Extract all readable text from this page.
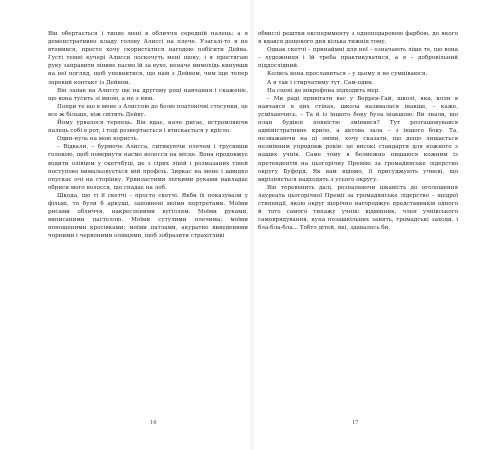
Він обертається і тицяє мені в обличчя середній палець; а я демонстративно кладу голову Алиссі на плече. Узагалі-то я не втомився, просто хочу скористатися нагодою побісити Дейва. Густі темні кучері Алисси лоскочуть мені щоку, і я простягаю руку заправити ліниве пасмо їй за вухо, неначе мимохідь кинувши на неї погляд, щоб упевнитися, що нам з Дейвом, чим іще тепер зоровий контакт із Дейвом.

Він запав на Алиссу ще на другому році навчання і скаженіє, що вона тусить зі мною, а не з ним.

Попри те що в мене з Алиссою до болю платонічні стосунки, це все ж більше, ніж світить Дейву.

Йому урвалося терпець. Він вдає, наче ригає, встромляючи палець собі в рот, і тоді розвертається і втискається у крісло.

Один-нуль на мою користь.

– Відвали, – бурмоче Алисса, ситикуючи плечем і трусивши головою, щоб повернути пасмо волосся на місце. Вона продовжує водити олівцем у скетчбуці, де з сірих ліній і розмазаних тіней поступово вимальовується мій профіль. Зиркас на мене і швидко опускає очі на сторінку. Урвиластими легкими руками накладає обриси мого волосся, що спадає на лоб.

Шкода, що ті її скетчі – просто скетчі. Якби їх показували у фільмі, то були б аркуші, заповнені моїми портретами. Моїми рисами обличчя, накресленими вугіллям. Моїми руками, виписаними пастеллю. Моїми сутулими плечима; моїми поношеними кросівками; моїми патлами, акуратно виведеними чорними і червоними олівцями, щоб зобразити страхітливі

обвислі рештки експерименту з одноподаровою фарбою, до якого я вдався дощового дня кілька тижнів тому.

Однак скетчі – принаймні для неї – означають ліше те, що вона – художниця і їй треба практикуватися, а я – добровільний піддослідний.

Колись вона прославиться – у цьому я не сумніваюся.

А я так і стирчатиму тут. Сам-один.

На сцені до мікрофона підходить мер.

– Ми раді привітати вас у Воррен-Гай, школі, яка, коли я навчався в цих стінах, школа називалася інакше, – каже, усміхаючись. – Та й із іншого боку була інакшою. Ви знали, що план будівлі повністю змінився? Тут розташовувався адміністративне крило, а актова зала – з іншого боку. Та, незважаючи на ці зміни, хочу сказати, що дещо лишається незмінним упродовж років: це високі стандарти для кожного з наших учнів. Саме тому я безмежно пишаюся кожним із претендентів на цьогорічну Премію за громадянське лідерство округу Буфорд. Як вам відомо, її присуджують учневі, що вирізняється надходять з усього округу.

Він теревенить далі, розпалюючи цікавість до оголошення лауреата цьогорічної Премії за громадянське лідерство – щедрої стипендії, якою округ щорічно нагороджує представників одного й того самого типажу учнів: відмінник, член учнівського самоврядування, купа позашкільних занять, громадські заходи, і бла-бла-бла... Тобто дітей, які, здавалось би,

16	17
